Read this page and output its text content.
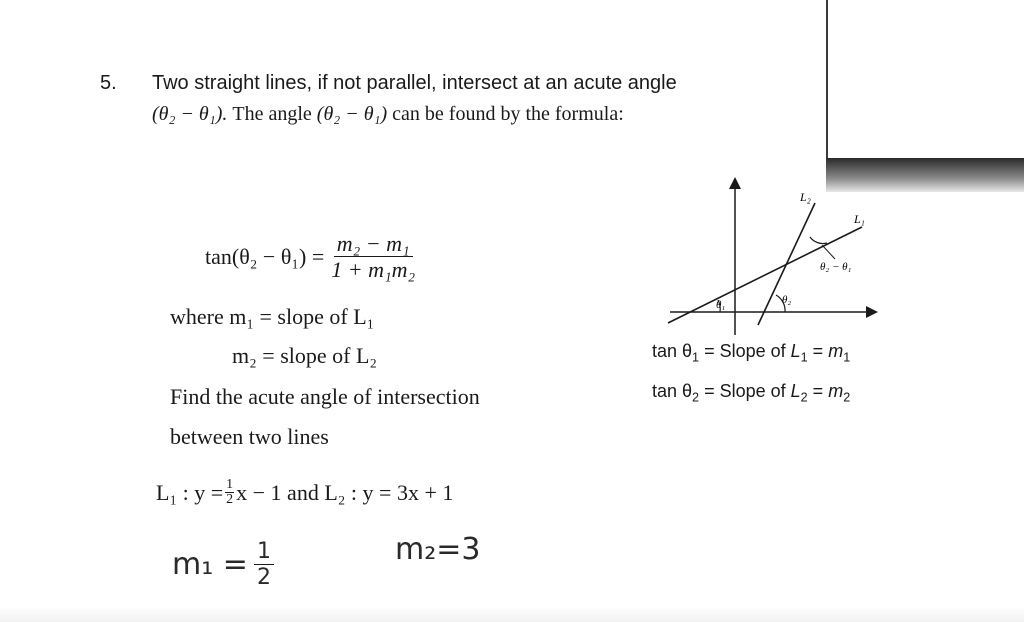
5. Two straight lines, if not parallel, intersect at an acute angle
(θ₂ − θ₁). The angle (θ₂ − θ₁) can be found by the formula:
$\tan(\theta_2 - \theta_1) = \frac{\text{m₂ − m₁}}{\text{1 + m₁m₂}}$
where m₁ = slope of L₁
m₂ = slope of L₂
Find the acute angle of intersection
between two lines
L₁ : $y = \frac{1}{2}$ x − 1 and L₂ : y = 3x + 1
$m_1 = \frac{1}{2}$	m₂=3
L₂
L₁
θ₂ − θ₁
θ₁	θ₂
$\tan \theta_1$ = Slope of $L_1 = m_1$
$\tan \theta_2$ = Slope of $L_2 = m_2$
